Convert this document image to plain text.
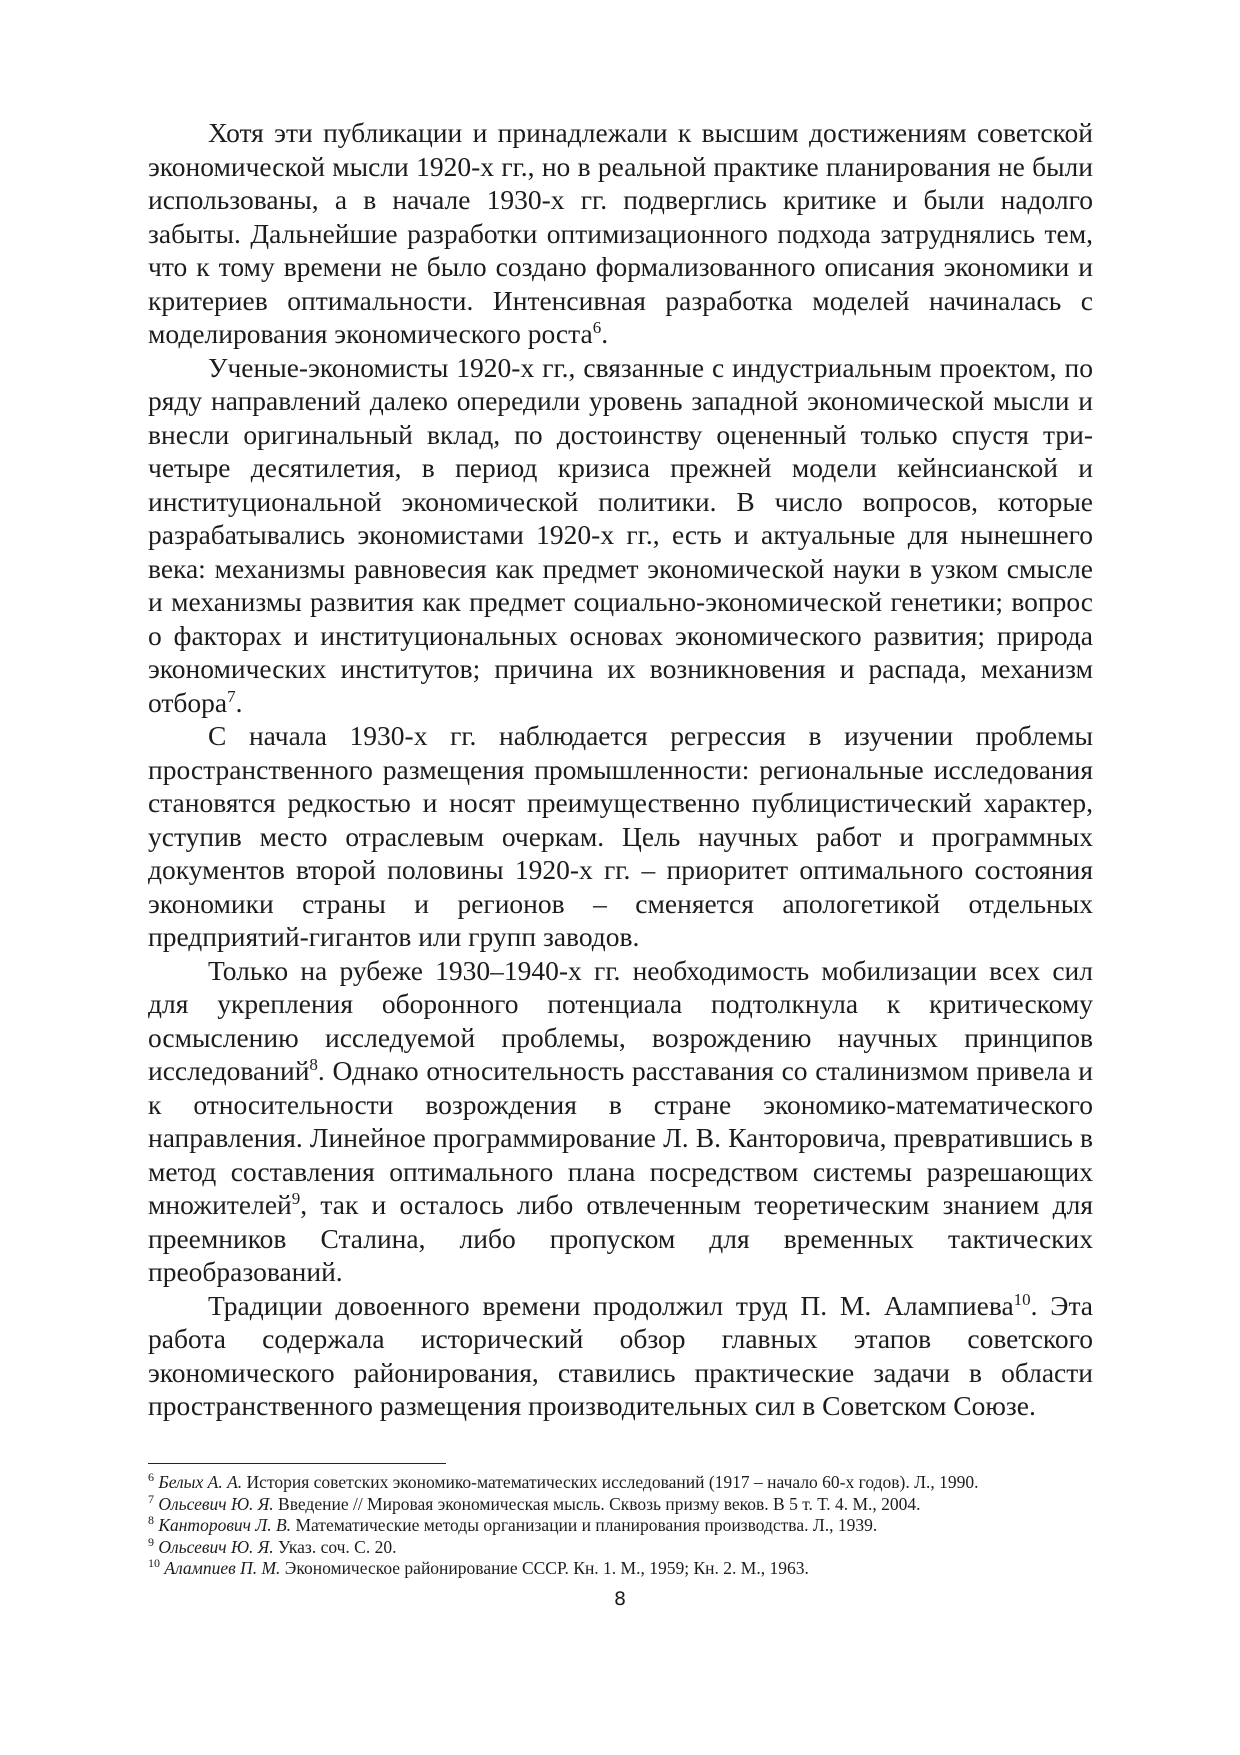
Хотя эти публикации и принадлежали к высшим достижениям советской экономической мысли 1920-х гг., но в реальной практике планирования не были использованы, а в начале 1930-х гг. подверглись критике и были надолго забыты. Дальнейшие разработки оптимизационного подхода затруднялись тем, что к тому времени не было создано формализованного описания экономики и критериев оптимальности. Интенсивная разработка моделей начиналась с моделирования экономического роста$^6$.

Ученые-экономисты 1920-х гг., связанные с индустриальным проектом, по ряду направлений далеко опередили уровень западной экономической мысли и внесли оригинальный вклад, по достоинству оцененный только спустя три-четыре десятилетия, в период кризиса прежней модели кейнсианской и институциональной экономической политики. В число вопросов, которые разрабатывались экономистами 1920-х гг., есть и актуальные для нынешнего века: механизмы равновесия как предмет экономической науки в узком смысле и механизмы развития как предмет социально-экономической генетики; вопрос о факторах и институциональных основах экономического развития; природа экономических институтов; причина их возникновения и распада, механизм отбора$^7$.

С начала 1930-х гг. наблюдается регрессия в изучении проблемы пространственного размещения промышленности: региональные исследования становятся редкостью и носят преимущественно публицистический характер, уступив место отраслевым очеркам. Цель научных работ и программных документов второй половины 1920-х гг. – приоритет оптимального состояния экономики страны и регионов – сменяется апологетикой отдельных предприятий-гигантов или групп заводов.

Только на рубеже 1930–1940-х гг. необходимость мобилизации всех сил для укрепления оборонного потенциала подтолкнула к критическому осмыслению исследуемой проблемы, возрождению научных принципов исследований$^8$. Однако относительность расставания со сталинизмом привела и к относительности возрождения в стране экономико-математического направления. Линейное программирование Л. В. Канторовича, превратившись в метод составления оптимального плана посредством системы разрешающих множителей$^9$, так и осталось либо отвлеченным теоретическим знанием для преемников Сталина, либо пропуском для временных тактических преобразований.

Традиции довоенного времени продолжил труд П. М. Алампиева$^{10}$. Эта работа содержала исторический обзор главных этапов советского экономического районирования, ставились практические задачи в области пространственного размещения производительных сил в Советском Союзе.

$^6$ Белых А. А. История советских экономико-математических исследований (1917 – начало 60-х годов). Л., 1990.

$^7$ Ольсевич Ю. Я. Введение // Мировая экономическая мысль. Сквозь призму веков. В 5 т. Т. 4. М., 2004.

$^8$ Канторович Л. В. Математические методы организации и планирования производства. Л., 1939.

$^9$ Ольсевич Ю. Я. Указ. соч. С. 20.

$^{10}$ Алампиев П. М. Экономическое районирование СССР. Кн. 1. М., 1959; Кн. 2. М., 1963.

8
